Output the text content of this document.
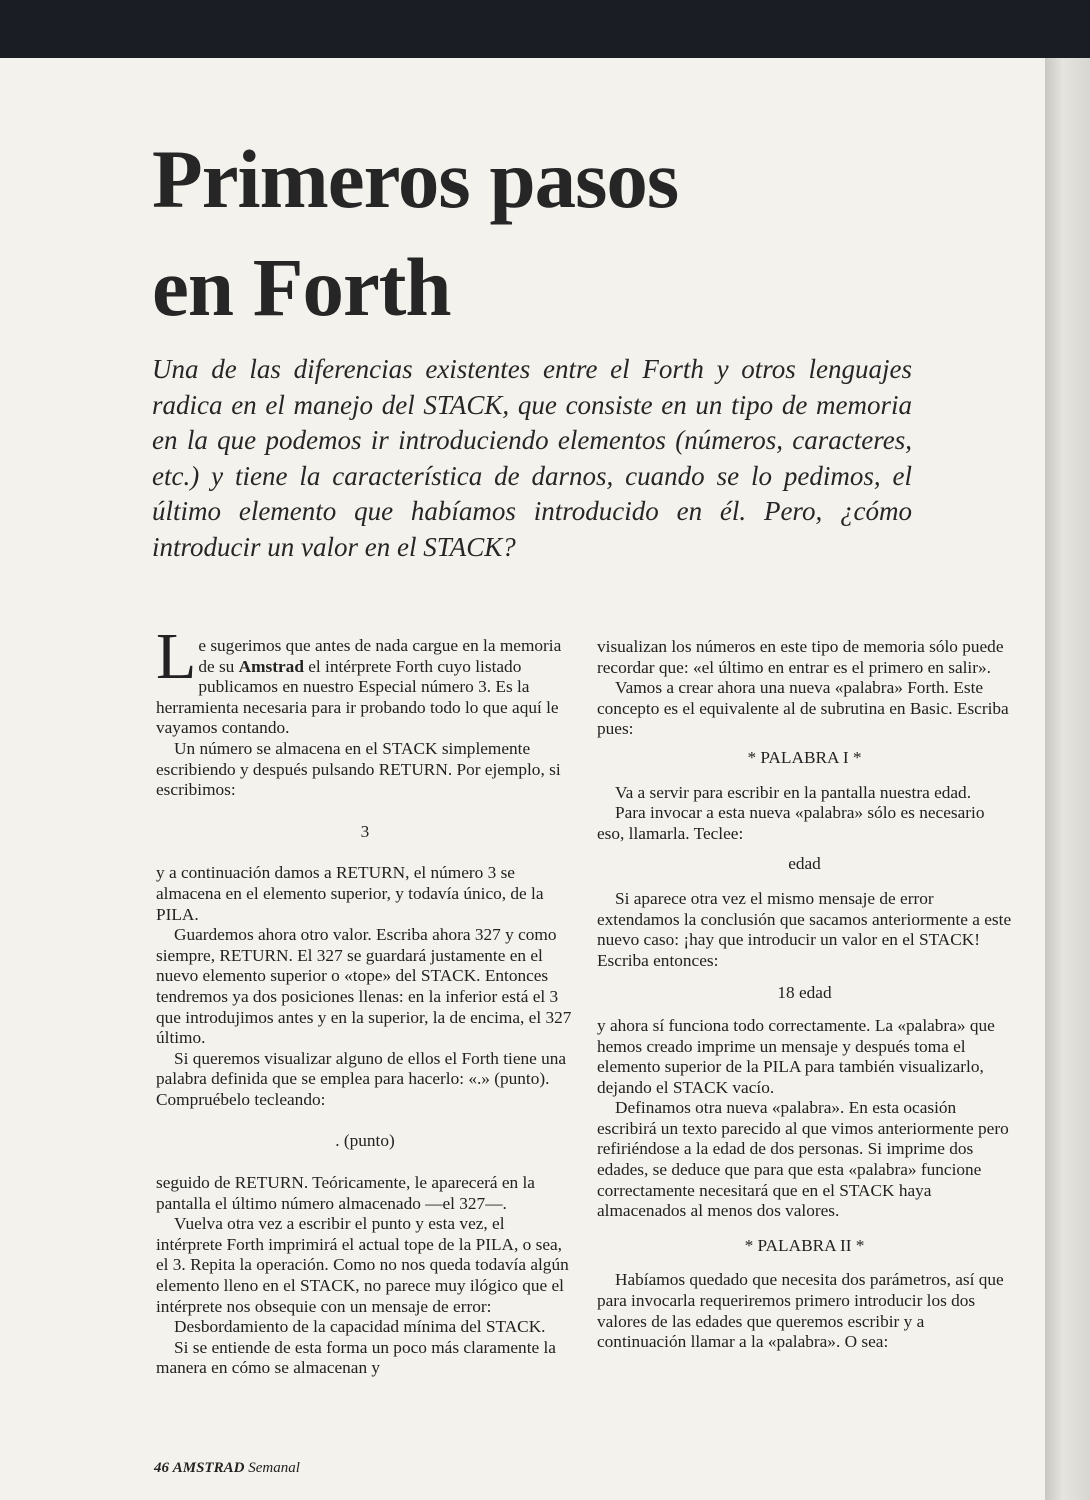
Primeros pasos
en Forth

Una de las diferencias existentes entre el Forth y otros lenguajes radica en el manejo del STACK, que consiste en un tipo de memoria en la que podemos ir introduciendo elementos (números, caracteres, etc.) y tiene la característica de darnos, cuando se lo pedimos, el último elemento que habíamos introducido en él. Pero, ¿cómo introducir un valor en el STACK?

Le sugerimos que antes de nada cargue en la memoria de su Amstrad el intérprete Forth cuyo listado publicamos en nuestro Especial número 3. Es la herramienta necesaria para ir probando todo lo que aquí le vayamos contando.

Un número se almacena en el STACK simplemente escribiendo y después pulsando RETURN. Por ejemplo, si escribimos:

3

y a continuación damos a RETURN, el número 3 se almacena en el elemento superior, y todavía único, de la PILA.

Guardemos ahora otro valor. Escriba ahora 327 y como siempre, RETURN. El 327 se guardará justamente en el nuevo elemento superior o «tope» del STACK. Entonces tendremos ya dos posiciones llenas: en la inferior está el 3 que introdujimos antes y en la superior, la de encima, el 327 último.

Si queremos visualizar alguno de ellos el Forth tiene una palabra definida que se emplea para hacerlo: «.» (punto). Compruébelo tecleando:

. (punto)

seguido de RETURN. Teóricamente, le aparecerá en la pantalla el último número almacenado —el 327—.

Vuelva otra vez a escribir el punto y esta vez, el intérprete Forth imprimirá el actual tope de la PILA, o sea, el 3. Repita la operación. Como no nos queda todavía algún elemento lleno en el STACK, no parece muy ilógico que el intérprete nos obsequie con un mensaje de error:

Desbordamiento de la capacidad mínima del STACK.

Si se entiende de esta forma un poco más claramente la manera en cómo se almacenan y

visualizan los números en este tipo de memoria sólo puede recordar que: «el último en entrar es el primero en salir».

Vamos a crear ahora una nueva «palabra» Forth. Este concepto es el equivalente al de subrutina en Basic. Escriba pues:

* PALABRA I *

Va a servir para escribir en la pantalla nuestra edad.

Para invocar a esta nueva «palabra» sólo es necesario eso, llamarla. Teclee:

edad

Si aparece otra vez el mismo mensaje de error extendamos la conclusión que sacamos anteriormente a este nuevo caso: ¡hay que introducir un valor en el STACK! Escriba entonces:

18 edad

y ahora sí funciona todo correctamente. La «palabra» que hemos creado imprime un mensaje y después toma el elemento superior de la PILA para también visualizarlo, dejando el STACK vacío.

Definamos otra nueva «palabra». En esta ocasión escribirá un texto parecido al que vimos anteriormente pero refiriéndose a la edad de dos personas. Si imprime dos edades, se deduce que para que esta «palabra» funcione correctamente necesitará que en el STACK haya almacenados al menos dos valores.

* PALABRA II *

Habíamos quedado que necesita dos parámetros, así que para invocarla requeriremos primero introducir los dos valores de las edades que queremos escribir y a continuación llamar a la «palabra». O sea:

46 AMSTRAD Semanal
